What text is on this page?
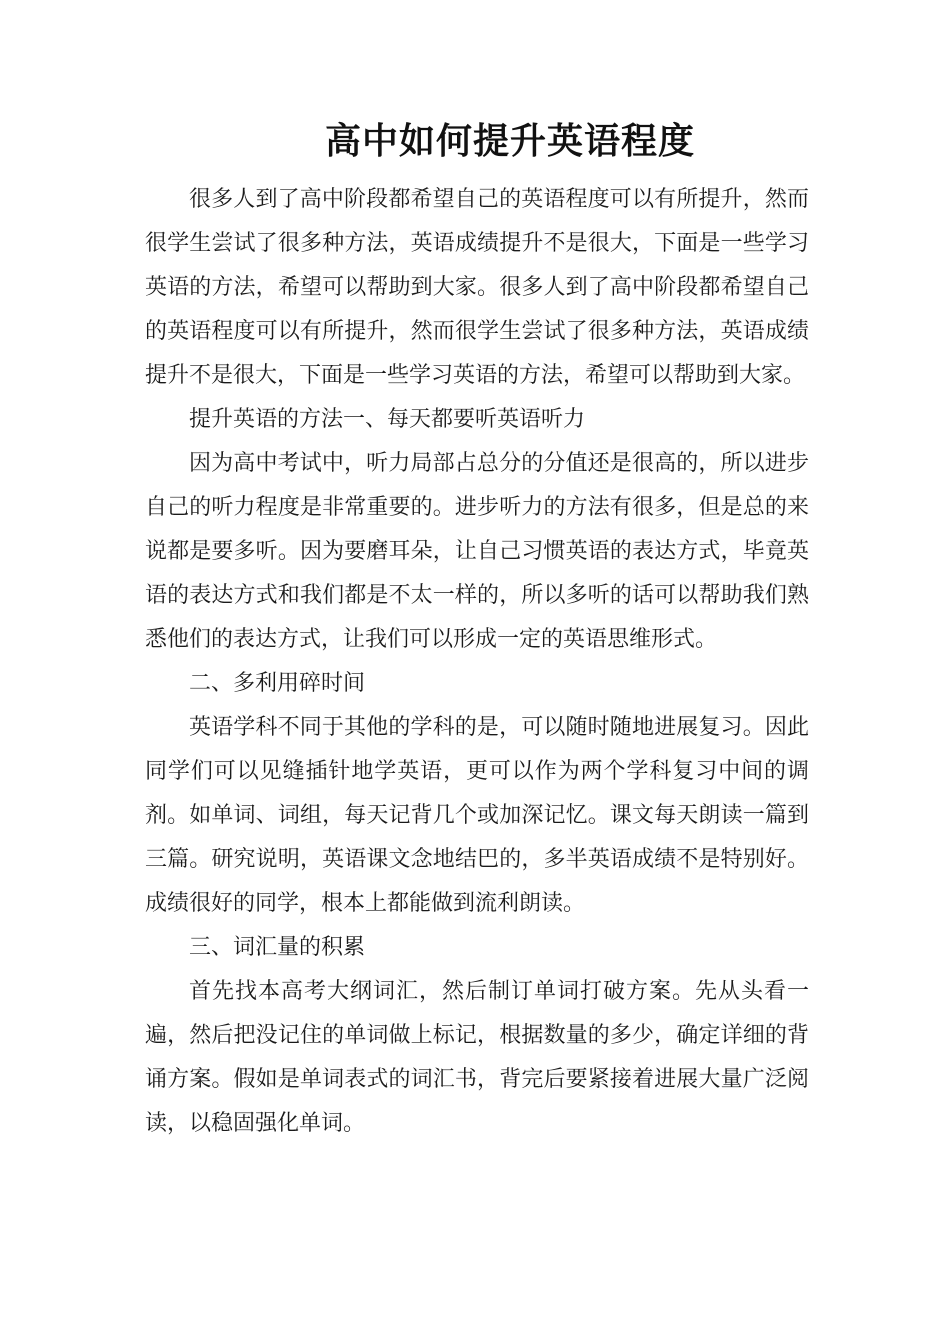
高中如何提升英语程度

很多人到了高中阶段都希望自己的英语程度可以有所提升，然而很学生尝试了很多种方法，英语成绩提升不是很大，下面是一些学习英语的方法，希望可以帮助到大家。很多人到了高中阶段都希望自己的英语程度可以有所提升，然而很学生尝试了很多种方法，英语成绩提升不是很大，下面是一些学习英语的方法，希望可以帮助到大家。

提升英语的方法一、每天都要听英语听力

因为高中考试中，听力局部占总分的分值还是很高的，所以进步自己的听力程度是非常重要的。进步听力的方法有很多，但是总的来说都是要多听。因为要磨耳朵，让自己习惯英语的表达方式，毕竟英语的表达方式和我们都是不太一样的，所以多听的话可以帮助我们熟悉他们的表达方式，让我们可以形成一定的英语思维形式。

二、多利用碎时间

英语学科不同于其他的学科的是，可以随时随地进展复习。因此同学们可以见缝插针地学英语，更可以作为两个学科复习中间的调剂。如单词、词组，每天记背几个或加深记忆。课文每天朗读一篇到三篇。研究说明，英语课文念地结巴的，多半英语成绩不是特别好。成绩很好的同学，根本上都能做到流利朗读。

三、词汇量的积累

首先找本高考大纲词汇，然后制订单词打破方案。先从头看一遍，然后把没记住的单词做上标记，根据数量的多少，确定详细的背诵方案。假如是单词表式的词汇书，背完后要紧接着进展大量广泛阅读，以稳固强化单词。
